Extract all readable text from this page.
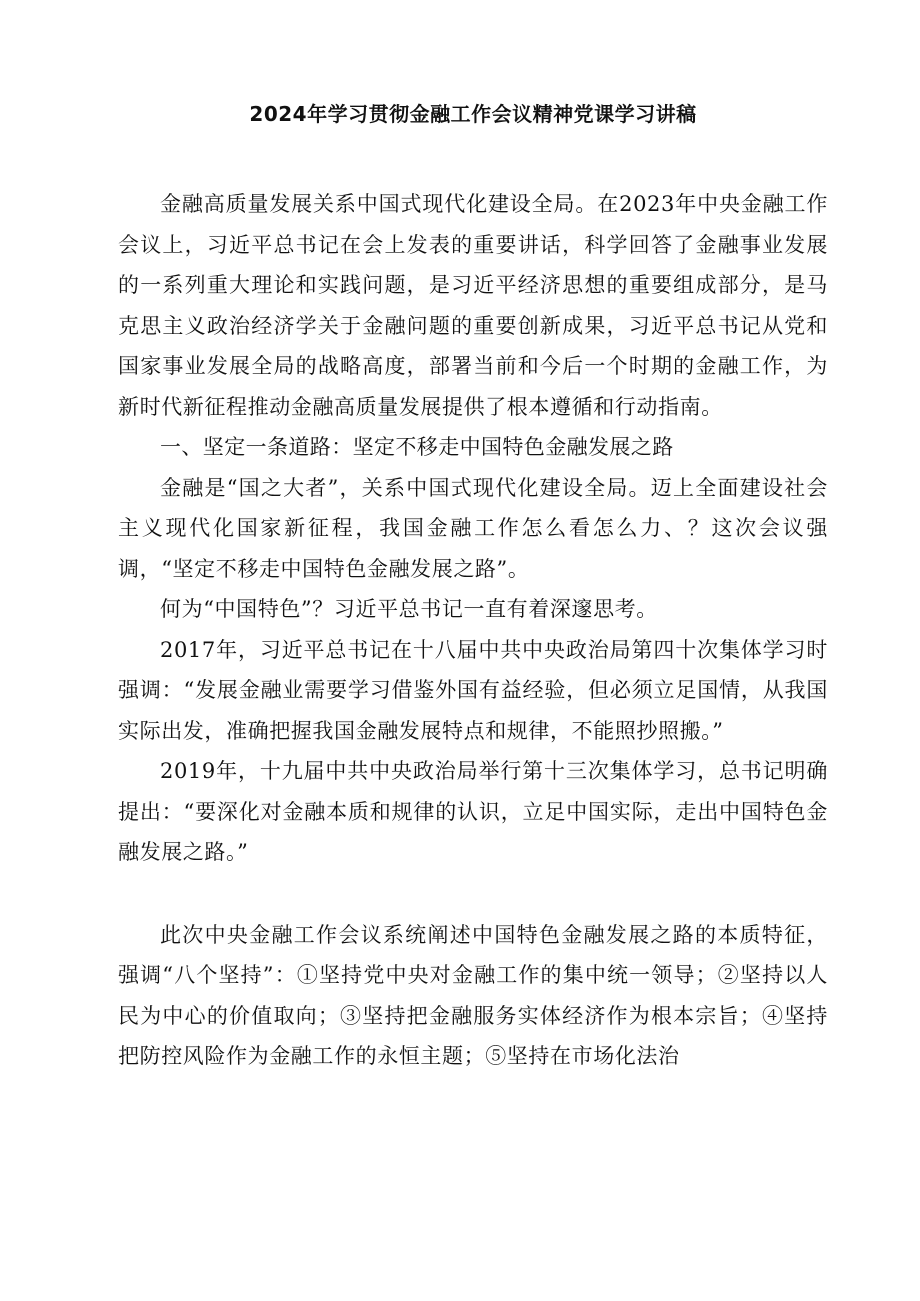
2024年学习贯彻金融工作会议精神党课学习讲稿

金融高质量发展关系中国式现代化建设全局。在2023年中央金融工作会议上，习近平总书记在会上发表的重要讲话，科学回答了金融事业发展的一系列重大理论和实践问题，是习近平经济思想的重要组成部分，是马克思主义政治经济学关于金融问题的重要创新成果，习近平总书记从党和国家事业发展全局的战略高度，部署当前和今后一个时期的金融工作，为新时代新征程推动金融高质量发展提供了根本遵循和行动指南。

一、坚定一条道路：坚定不移走中国特色金融发展之路

金融是“国之大者”，关系中国式现代化建设全局。迈上全面建设社会主义现代化国家新征程，我国金融工作怎么看怎么力、？这次会议强调，“坚定不移走中国特色金融发展之路”。

何为“中国特色”？习近平总书记一直有着深邃思考。

2017年，习近平总书记在十八届中共中央政治局第四十次集体学习时强调：“发展金融业需要学习借鉴外国有益经验，但必须立足国情，从我国实际出发，准确把握我国金融发展特点和规律，不能照抄照搬。”

2019年，十九届中共中央政治局举行第十三次集体学习，总书记明确提出：“要深化对金融本质和规律的认识，立足中国实际，走出中国特色金融发展之路。”

此次中央金融工作会议系统阐述中国特色金融发展之路的本质特征，强调“八个坚持”：①坚持党中央对金融工作的集中统一领导；②坚持以人民为中心的价值取向；③坚持把金融服务实体经济作为根本宗旨；④坚持把防控风险作为金融工作的永恒主题；⑤坚持在市场化法治
